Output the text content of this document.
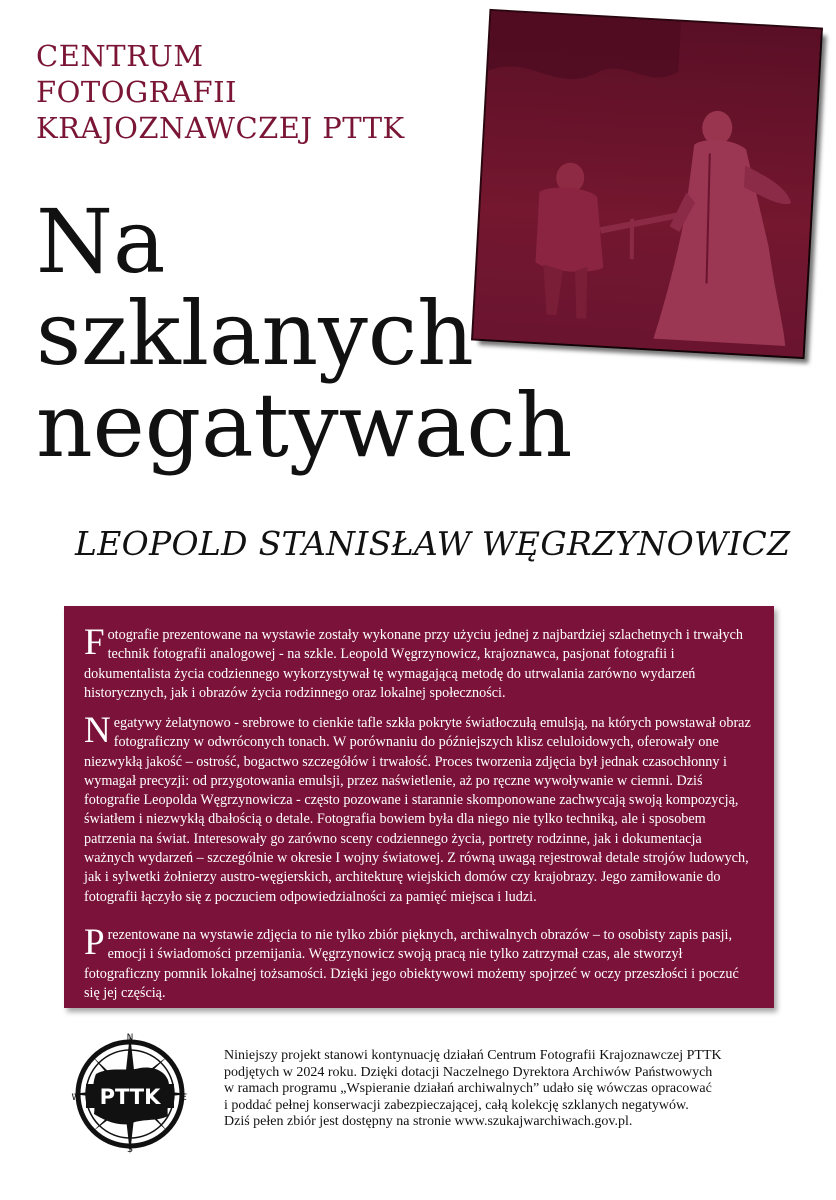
CENTRUM
FOTOGRAFII
KRAJOZNAWCZEJ PTTK
Na
szklanych
negatywach
LEOPOLD STANISŁAW WĘGRZYNOWICZ
Fotografie prezentowane na wystawie zostały wykonane przy użyciu jednej z najbardziej szlachetnych i trwałych technik fotografii analogowej - na szkle. Leopold Węgrzynowicz, krajoznawca, pasjonat fotografii i dokumentalista życia codziennego wykorzystywał tę wymagającą metodę do utrwalania zarówno wydarzeń historycznych, jak i obrazów życia rodzinnego oraz lokalnej społeczności.
Negatywy żelatynowo - srebrowe to cienkie tafle szkła pokryte światłoczułą emulsją, na których powstawał obraz fotograficzny w odwróconych tonach. W porównaniu do późniejszych klisz celuloidowych, oferowały one niezwykłą jakość – ostrość, bogactwo szczegółów i trwałość. Proces tworzenia zdjęcia był jednak czasochłonny i wymagał precyzji: od przygotowania emulsji, przez naświetlenie, aż po ręczne wywoływanie w ciemni. Dziś fotografie Leopolda Węgrzynowicza - często pozowane i starannie skomponowane zachwycają swoją kompozycją, światłem i niezwykłą dbałością o detale. Fotografia bowiem była dla niego nie tylko techniką, ale i sposobem patrzenia na świat. Interesowały go zarówno sceny codziennego życia, portrety rodzinne, jak i dokumentacja ważnych wydarzeń – szczególnie w okresie I wojny światowej. Z równą uwagą rejestrował detale strojów ludowych, jak i sylwetki żołnierzy austro-węgierskich, architekturę wiejskich domów czy krajobrazy. Jego zamiłowanie do fotografii łączyło się z poczuciem odpowiedzialności za pamięć miejsca i ludzi.
Prezentowane na wystawie zdjęcia to nie tylko zbiór pięknych, archiwalnych obrazów – to osobisty zapis pasji, emocji i świadomości przemijania. Węgrzynowicz swoją pracą nie tylko zatrzymał czas, ale stworzył fotograficzny pomnik lokalnej tożsamości. Dzięki jego obiektywowi możemy spojrzeć w oczy przeszłości i poczuć się jej częścią.
PTTK
N
E
S
W
Niniejszy projekt stanowi kontynuację działań Centrum Fotografii Krajoznawczej PTTK
podjętych w 2024 roku. Dzięki dotacji Naczelnego Dyrektora Archiwów Państwowych
w ramach programu „Wspieranie działań archiwalnych” udało się wówczas opracować
i poddać pełnej konserwacji zabezpieczającej, całą kolekcję szklanych negatywów.
Dziś pełen zbiór jest dostępny na stronie www.szukajwarchiwach.gov.pl.
